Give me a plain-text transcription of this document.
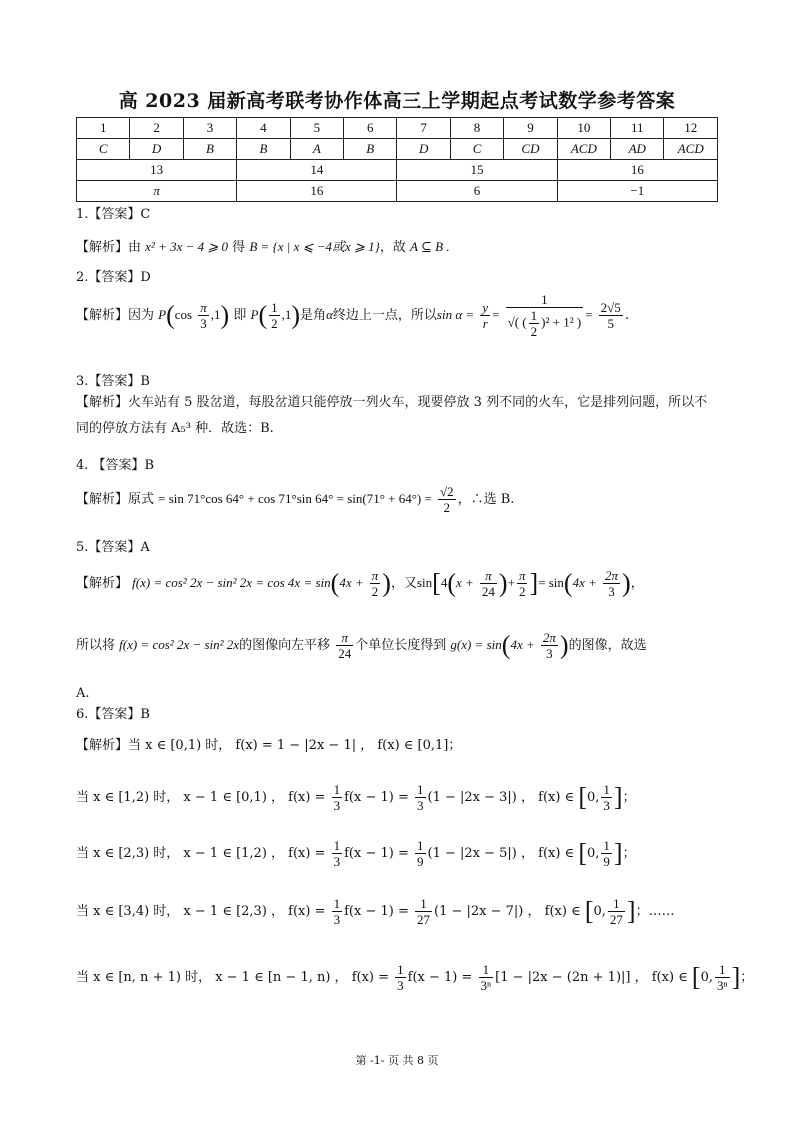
高 2023 届新高考联考协作体高三上学期起点考试数学参考答案
1	2	3	4	5	6	7	8	9	10	11	12
C	D	B	B	A	B	D	C	CD	ACD	AD	ACD
13			14			15			16		
π			16			6			−1		
1.【答案】C
【解析】由 x² + 3x − 4 ⩾ 0 得 B = {x | x ⩽ −4或x ⩾ 1}，故 A ⊆ B .
2.【答案】D
【解析】因为 $P(\cos \frac{\pi}{3} ,1)$ 即 $P( \frac{1}{2} ,1)$是角α终边上一点，所以$\sin \alpha = \frac{y}{r} = \frac{1}{√( ( \frac{1}{2} )^2 + 1^2 )} = \frac{2√5}{5}$ .
3.【答案】B
【解析】火车站有 5 股岔道，每股岔道只能停放一列火车，现要停放 3 列不同的火车，它是排列问题，所以不同的停放方法有 A₅³ 种．故选：B.
4. 【答案】B
【解析】原式 = sin 71°cos 64° + cos 71°sin $64^\circ = \sin(71^\circ + 64^\circ) = \frac{√2}{2}$ ，∴选 B.
5.【答案】A
【解析】 f(x) = cos² 2x − sin² $2x = \cos 4x = \sin(4x + \frac{\pi}{2}$ )，又$\sin[4(x + \frac{\pi}{24}$ )+ $\frac{\pi}{2}$ ]= $\sin(4x + \frac{2\pi}{3}$ )，
所以将 f(x) = cos² 2x − sin² 2x的图像向左平移 $\frac{\pi}{24}$ 个单位长度得到 $g(x) = \sin(4x + \frac{2\pi}{3}$ )的图像，故选
A.
6.【答案】B
【解析】当 x ∈ [0,1) 时， f(x) = 1 − |2x − 1| ， f(x) ∈ [0,1]；
当 x ∈ [1,2) 时， x − 1 ∈ [0,1) ， $f(x) = \frac{1}{3} f(x - 1) = \frac{1}{3} (1 - |2x - 3|)$ ， f(x) ∈ [0, $\frac{1}{3}$ ]；
当 x ∈ [2,3) 时， x − 1 ∈ [1,2) ， $f(x) = \frac{1}{3} f(x - 1) = \frac{1}{9} (1 - |2x - 5|)$ ， f(x) ∈ [0, $\frac{1}{9}$ ]；
当 x ∈ [3,4) 时， x − 1 ∈ [2,3) ， $f(x) = \frac{1}{3} f(x - 1) = \frac{1}{27} (1 - |2x - 7|)$ ， f(x) ∈ [0, $\frac{1}{27}$ ]；……
当 x ∈ [n, n + 1) 时， x − 1 ∈ [n − 1, n) ， $f(x) = \frac{1}{3} f(x - 1) = \frac{1}{\text{3ⁿ}} [1 - |2x - (2n + 1)|]$ ， f(x) ∈ [0, $\frac{1}{\text{3ⁿ}}$ ]；
第 -1- 页 共 8 页
